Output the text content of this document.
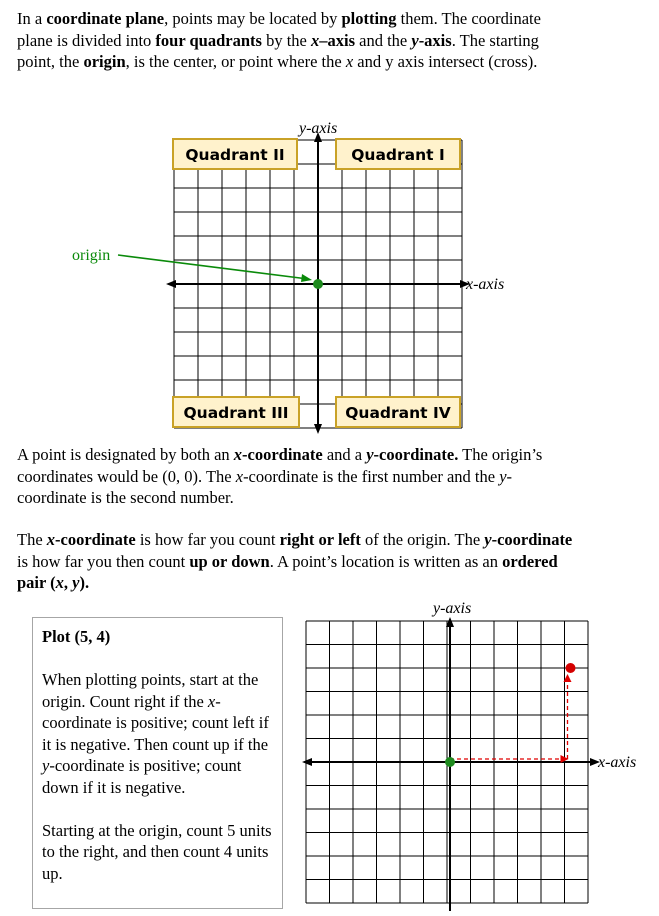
In a coordinate plane, points may be located by plotting them. The coordinate plane is divided into four quadrants by the x–axis and the y-axis. The starting point, the origin, is the center, or point where the x and y axis intersect (cross).

y-axis
x-axis
Quadrant II	Quadrant I
Quadrant III	Quadrant IV
origin

A point is designated by both an x-coordinate and a y-coordinate. The origin’s coordinates would be (0, 0). The x-coordinate is the first number and the y-coordinate is the second number.

The x-coordinate is how far you count right or left of the origin. The y-coordinate is how far you then count up or down. A point’s location is written as an ordered pair (x, y).

Plot (5, 4)

When plotting points, start at the origin. Count right if the x-coordinate is positive; count left if it is negative. Then count up if the y-coordinate is positive; count down if it is negative.

Starting at the origin, count 5 units to the right, and then count 4 units up.

y-axis
x-axis
